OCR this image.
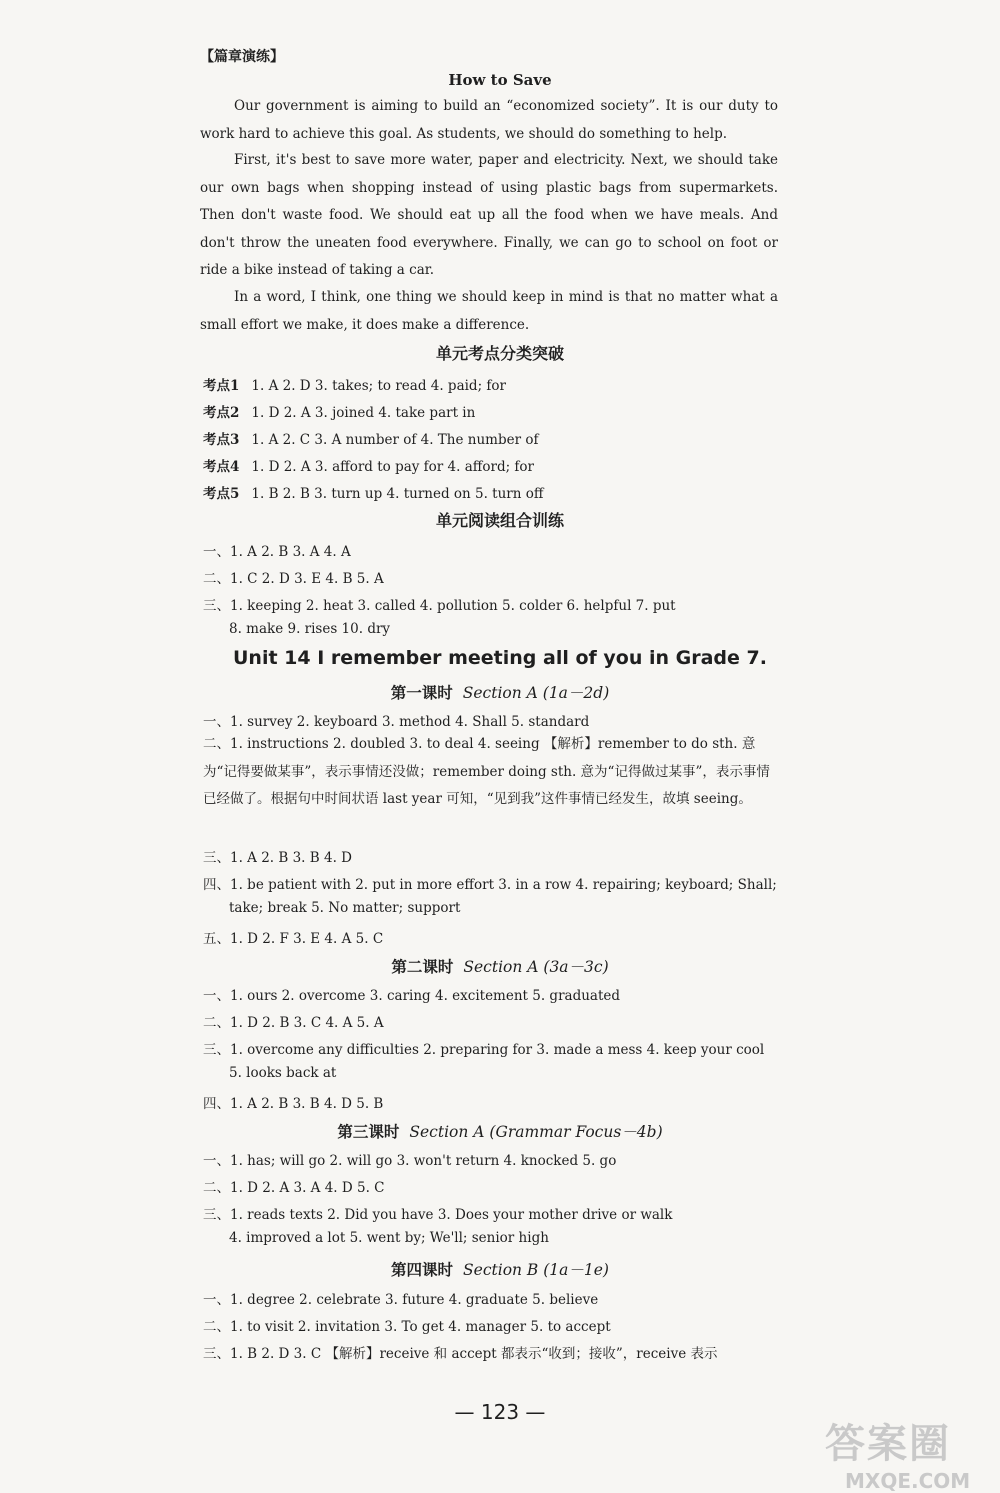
【篇章演练】
How to Save

Our government is aiming to build an “economized society”. It is our duty to work hard to achieve this goal. As students, we should do something to help.

First, it's best to save more water, paper and electricity. Next, we should take our own bags when shopping instead of using plastic bags from supermarkets. Then don't waste food. We should eat up all the food when we have meals. And don't throw the uneaten food everywhere. Finally, we can go to school on foot or ride a bike instead of taking a car.

In a word, I think, one thing we should keep in mind is that no matter what a small effort we make, it does make a difference.

单元考点分类突破
考点1 1. A 2. D 3. takes; to read 4. paid; for
考点2 1. D 2. A 3. joined 4. take part in
考点3 1. A 2. C 3. A number of 4. The number of
考点4 1. D 2. A 3. afford to pay for 4. afford; for
考点5 1. B 2. B 3. turn up 4. turned on 5. turn off
单元阅读组合训练
一、1. A 2. B 3. A 4. A
二、1. C 2. D 3. E 4. B 5. A
三、1. keeping 2. heat 3. called 4. pollution 5. colder 6. helpful 7. put
8. make 9. rises 10. dry
Unit 14 I remember meeting all of you in Grade 7.
第一课时 Section A (1a－2d)
一、1. survey 2. keyboard 3. method 4. Shall 5. standard
二、1. instructions 2. doubled 3. to deal 4. seeing 【解析】remember to do sth. 意为“记得要做某事”，表示事情还没做；remember doing sth. 意为“记得做过某事”，表示事情已经做了。根据句中时间状语 last year 可知，“见到我”这件事情已经发生，故填 seeing。
三、1. A 2. B 3. B 4. D
四、1. be patient with 2. put in more effort 3. in a row 4. repairing; keyboard; Shall;
take; break 5. No matter; support
五、1. D 2. F 3. E 4. A 5. C
第二课时 Section A (3a－3c)
一、1. ours 2. overcome 3. caring 4. excitement 5. graduated
二、1. D 2. B 3. C 4. A 5. A
三、1. overcome any difficulties 2. preparing for 3. made a mess 4. keep your cool
5. looks back at
四、1. A 2. B 3. B 4. D 5. B
第三课时 Section A (Grammar Focus－4b)
一、1. has; will go 2. will go 3. won't return 4. knocked 5. go
二、1. D 2. A 3. A 4. D 5. C
三、1. reads texts 2. Did you have 3. Does your mother drive or walk
4. improved a lot 5. went by; We'll; senior high
第四课时 Section B (1a－1e)
一、1. degree 2. celebrate 3. future 4. graduate 5. believe
二、1. to visit 2. invitation 3. To get 4. manager 5. to accept
三、1. B 2. D 3. C 【解析】receive 和 accept 都表示“收到；接收”，receive 表示
— 123 —
答案圈
MXQE.COM
